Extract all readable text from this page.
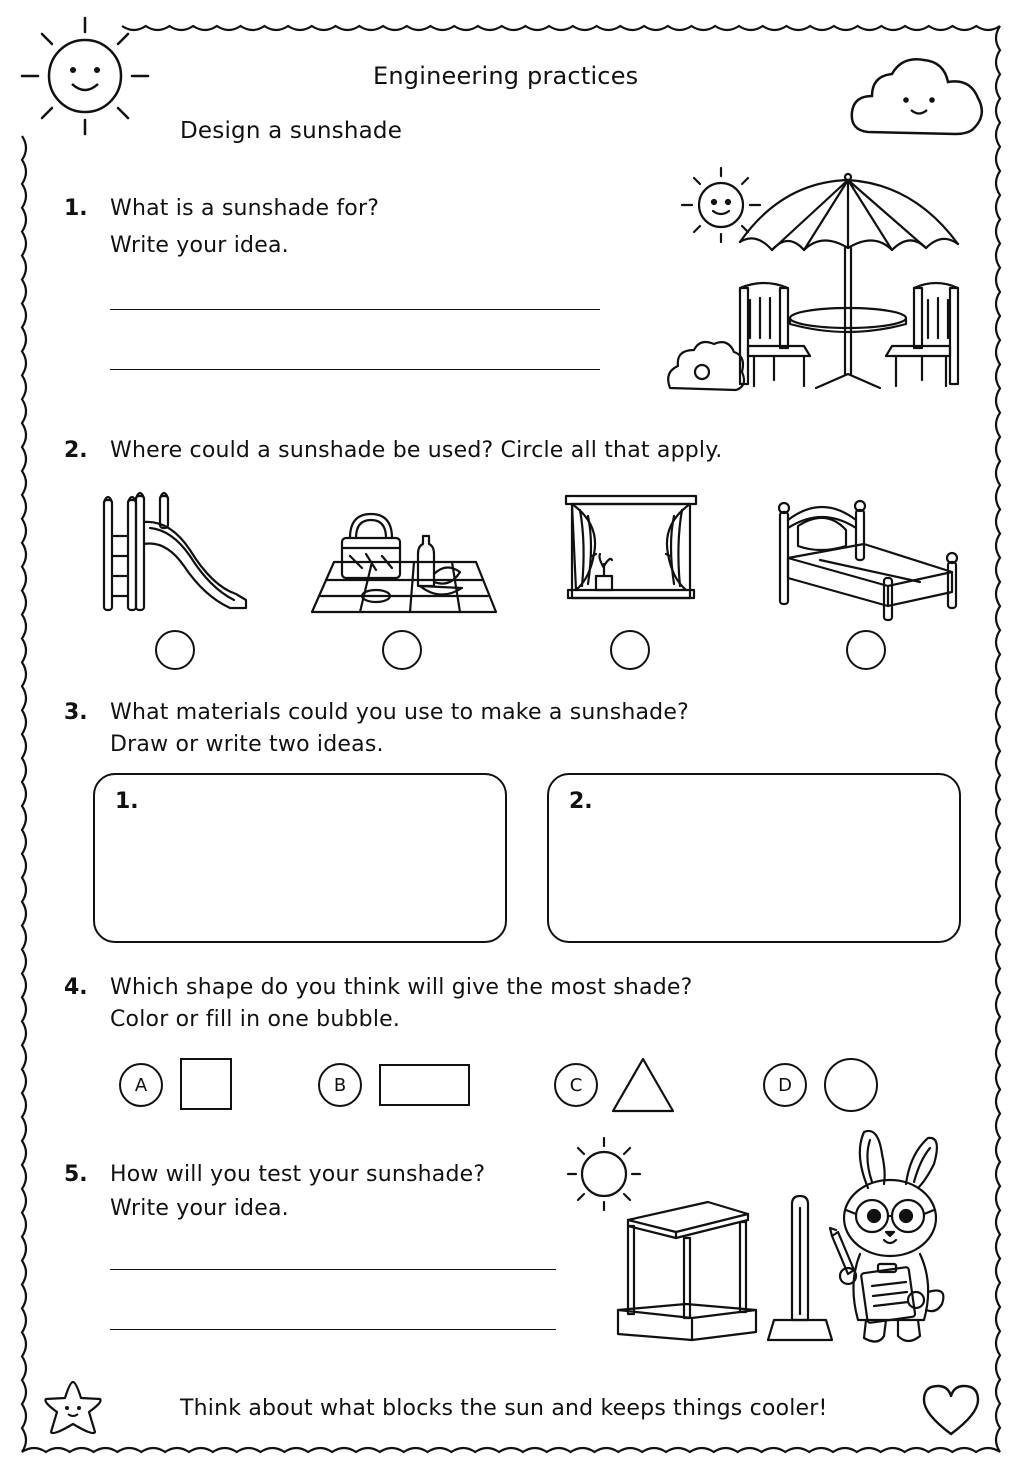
Engineering practices
Design a sunshade
1. What is a sunshade for?
Write your idea.
2. Where could a sunshade be used? Circle all that apply.
3. What materials could you use to make a sunshade?
Draw or write two ideas.
1.	2.
4. Which shape do you think will give the most shade?
Color or fill in one bubble.
A	B	C	D
5. How will you test your sunshade?
Write your idea.
Think about what blocks the sun and keeps things cooler!
